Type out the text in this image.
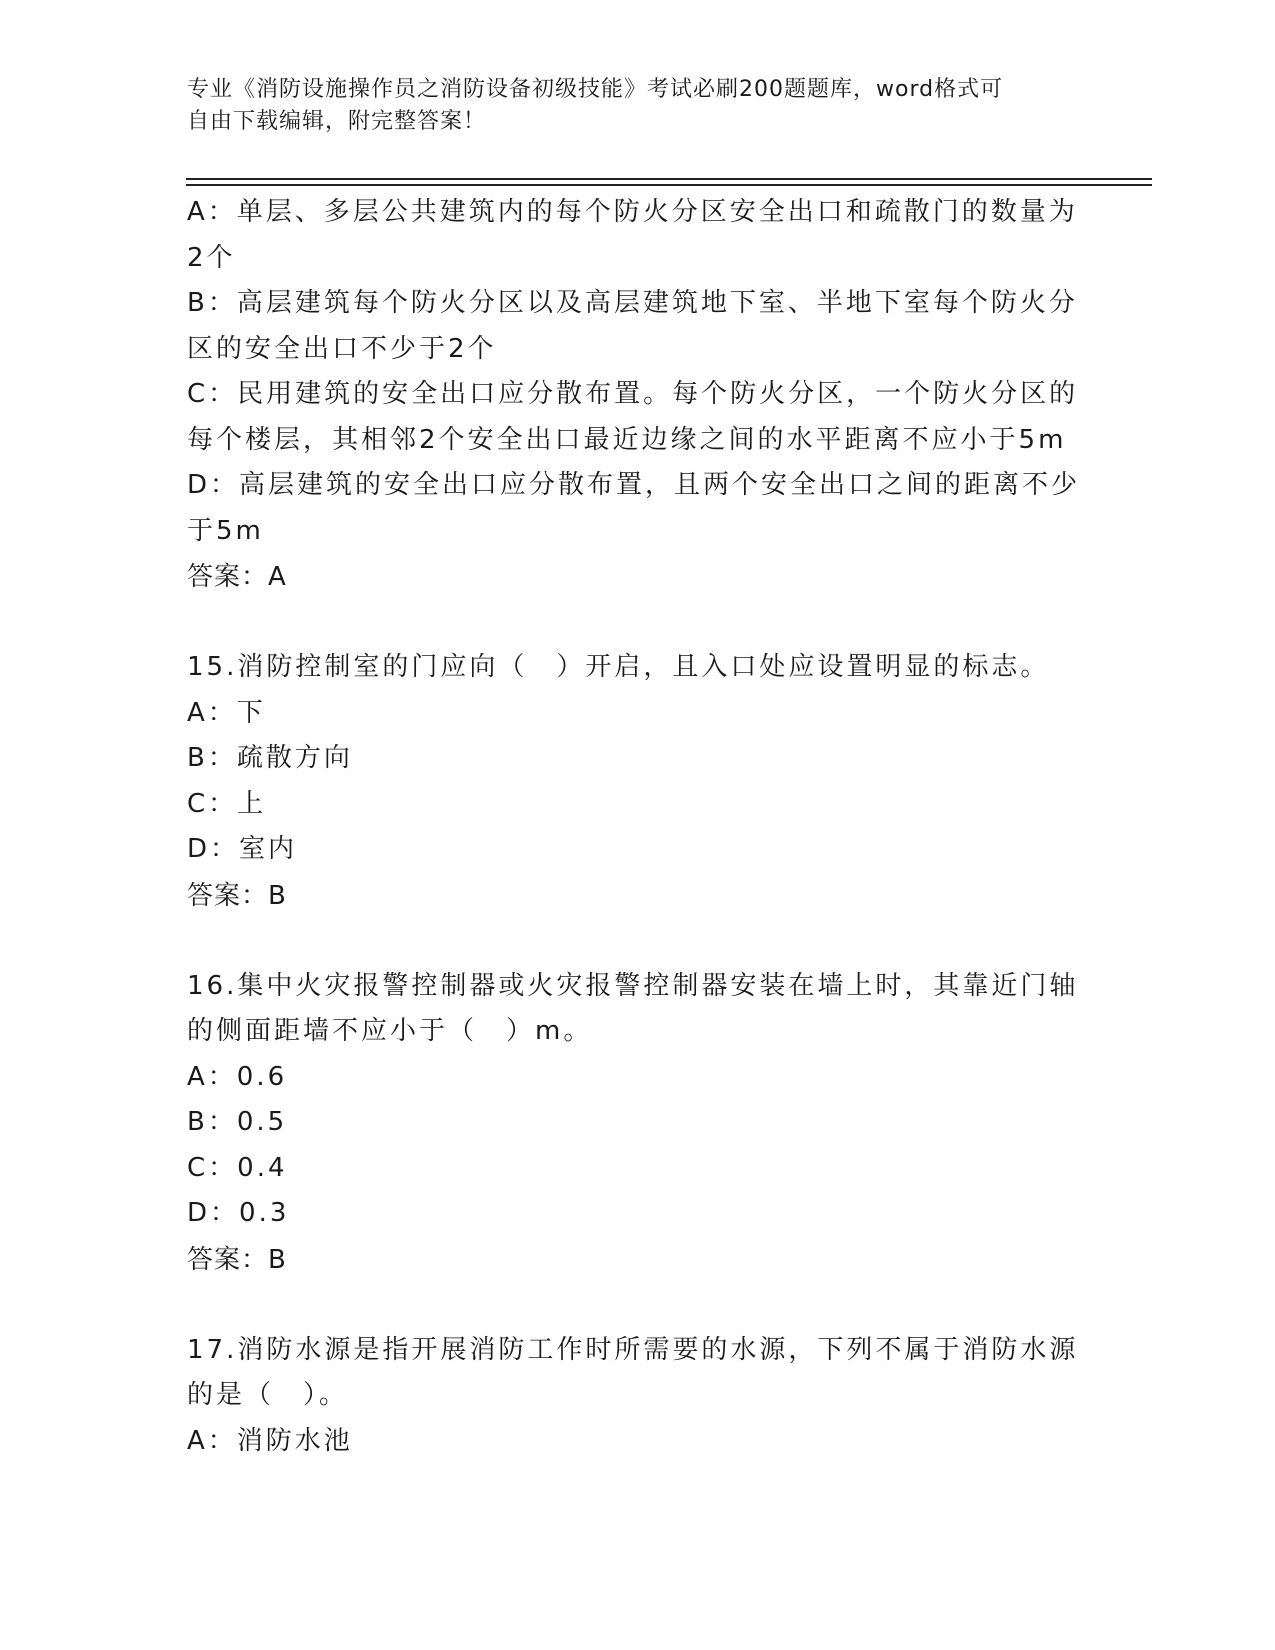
专业《消防设施操作员之消防设备初级技能》考试必刷200题题库，word格式可
自由下载编辑，附完整答案！
A：单层、多层公共建筑内的每个防火分区安全出口和疏散门的数量为
2个
B：高层建筑每个防火分区以及高层建筑地下室、半地下室每个防火分
区的安全出口不少于2个
C：民用建筑的安全出口应分散布置。每个防火分区，一个防火分区的
每个楼层，其相邻2个安全出口最近边缘之间的水平距离不应小于5m
D：高层建筑的安全出口应分散布置，且两个安全出口之间的距离不少
于5m
答案：A
15.消防控制室的门应向（　）开启，且入口处应设置明显的标志。
A：下
B：疏散方向
C：上
D：室内
答案：B
16.集中火灾报警控制器或火灾报警控制器安装在墙上时，其靠近门轴
的侧面距墙不应小于（　）m。
A：0.6
B：0.5
C：0.4
D：0.3
答案：B
17.消防水源是指开展消防工作时所需要的水源，下列不属于消防水源
的是（　）。
A：消防水池
